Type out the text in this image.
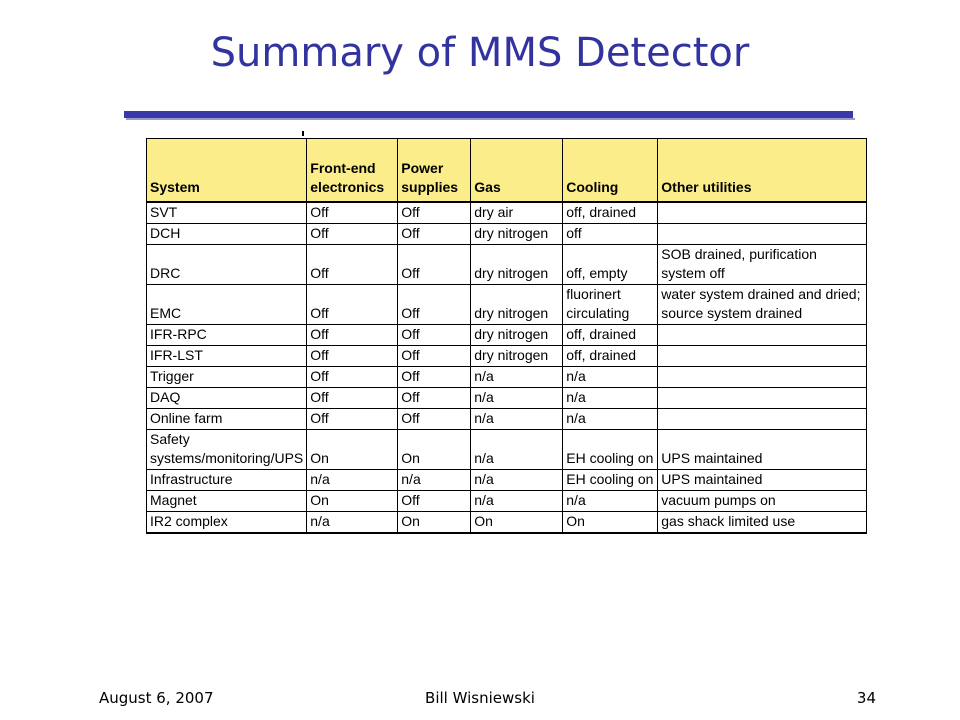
Summary of MMS Detector
System	Front-end electronics	Power supplies	Gas	Cooling	Other utilities
SVT	Off	Off	dry air	off, drained	
DCH	Off	Off	dry nitrogen	off	
DRC	Off	Off	dry nitrogen	off, empty	SOB drained, purification system off
EMC	Off	Off	dry nitrogen	fluorinert circulating	water system drained and dried; source system drained
IFR-RPC	Off	Off	dry nitrogen	off, drained	
IFR-LST	Off	Off	dry nitrogen	off, drained	
Trigger	Off	Off	n/a	n/a	
DAQ	Off	Off	n/a	n/a	
Online farm	Off	Off	n/a	n/a	
Safety systems/monitoring/UPS	On	On	n/a	EH cooling on	UPS maintained
Infrastructure	n/a	n/a	n/a	EH cooling on	UPS maintained
Magnet	On	Off	n/a	n/a	vacuum pumps on
IR2 complex	n/a	On	On	On	gas shack limited use
August 6, 2007	Bill Wisniewski	34
